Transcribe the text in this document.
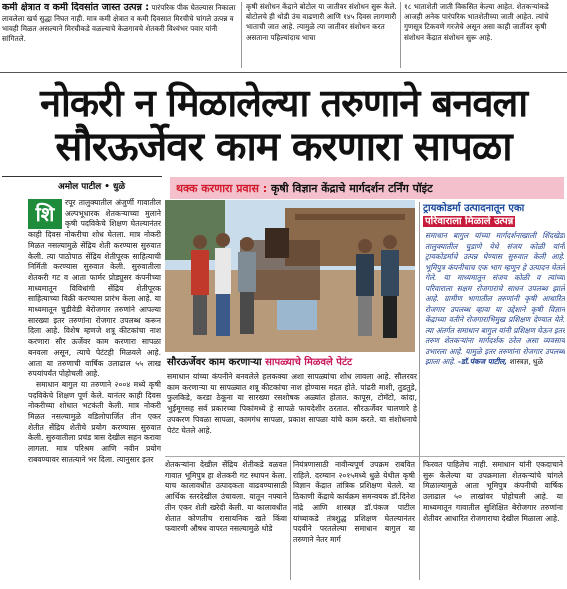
कमी क्षेत्रात व कमी दिवसांत जास्त उत्पन्न : पारंपरिक पीक घेतल्यास निकाला लावलेला खर्च सुद्धा निघत नाही. मात्र कमी क्षेत्रात व कमी दिवसात मिरचीचे चांगले उत्पन्न व भावही मिळत असल्याने मिरचीकडे वळल्याचे केळगावचे शेतकरी विश्वंभर पवार यांनी सांगितले.
कृषी संशोधन केंद्राने बोटोल या जातीवर संशोधन सुरू केले. बोटोलचे ही थोडी उंच वाढणारी आणि १४५ दिवस लागणारी भाताची जात आहे. त्यामुळे त्या जातीवर संशोधन करत असताना पहिल्यांदाच भाचा
१८ भाताशेती जाती विकसित केल्या आहेत. शेतकऱ्यांकडे आजही अनेक पारंपरिक भातशेतीच्या जाती आहेत. त्यांचे गुणसूत्र टिकवणे गरजेचे असून असा काही जातींवर कृषी संशोधन केंद्रात संशोधन सुरू आहे.
नोकरी न मिळालेल्या तरुणाने बनवला
सौरऊर्जेवर काम करणारा सापळा
अमोल पाटील • धुळे	थक्क करणारा प्रवास : कृषी विज्ञान केंद्राचे मार्गदर्शन टर्निंग पॉइंट
शि	रपूर तालुक्यातील अंजुर्णी गावातील अल्पभूधारक शेतकऱ्याच्या मुलाने कृषी पदविकेचे शिक्षण घेतल्यानंतर काही दिवस नोकरीचा शोध घेतला. मात्र नोकरी मिळत नसल्यामुळे सेंद्रिय शेती करण्यास सुरुवात केली. त्या पाठोपाठ सेंद्रिय शेतीपूरक साहित्याची निर्मिती करण्यास सुरुवात केली. सुरुवातीला शेतकरी गट व आता फार्मर प्रोड्युसर कंपनीच्या माध्यमातून विविधांगी सेंद्रिय शेतीपूरक साहित्याच्या विक्री करण्यास प्रारंभ केला आहे. या माध्यमातून चुडीवेडी बेरोजगार तरुणांने आपल्या सारख्या इतर तरुणांना रोजगार उपलब्ध करून दिला आहे. विशेष म्हणजे शत्रू कीटकांचा नाश करणारा सौर ऊर्जेवर काम करणारा सापळा बनवला असून, त्याचे पेटंटही मिळवले आहे. आता या तरुणाची वार्षिक उलाढाल ५५ लाख रुपयांपर्यंत पोहोचली आहे.

समाधान बागुल या तरुणाने २००४ मध्ये कृषी पदविकेचे शिक्षण पूर्ण केले. यानंतर काही दिवस नोकरीच्या शोधात भटकंती केली. मात्र नोकरी मिळत नसल्यामुळे वडिलोपार्जित तीन एकर शेतीत सेंद्रिय शेतीचे प्रयोग करण्यास सुरुवात केली. सुरुवातीला प्रचंड त्रास देखील सहन करावा लागला. मात्र परिश्रम आणि नवीन प्रयोग राबवण्यावर सातत्याने भर दिला. त्यानुसार इतर

सौरऊर्जेवर काम करणाऱ्या सापळ्याचे मिळवले पेटंट
समाधान यांच्या कंपनीने बनवलेले हलकक्या अशा सापळ्यांचा शोध लावला आहे. सौलरवर काम करणाऱ्या या सापळ्यात शत्रू कीटकांचा नाश होण्यास मदत होते. पांढरी माशी, तुडतुडे, फुलकिडे, करडा ठेकूना या सारख्या रसशोषक अळ्यांत होतात. कापूस, टोमॅटो, कांदा, भुईमूगसह सर्व प्रकारच्या पिकांमध्ये हे सापळे फायदेशीर ठरतात. सौरऊर्जेवर चालणारे हे उपकरण पिवळा सापळा, कामगंध सापळा, प्रकाश सापळा यांचे काम करते. या संशोधनाचे पेटंट घेतले आहे.
ट्रायकोडर्मा उत्पादनातून एका
परिवाराला मिळाले उत्पन्न
समाधान बागुल यांच्या मार्गदर्शनाखाली शिंदखेडा तालुक्यातील चुडाणे येथे संजय कोळी यांनी ट्रायकोडर्माचे उत्पन्न घेण्यास सुरुवात केली आहे. भूमिपुत्र कंपनीचाच एक भाग म्हणून हे उत्पादन घेतले गेले. या माध्यमातून संजय कोळी व त्यांच्या परिवाराला सक्षम रोजगाराचे साधन उपलब्ध झाले आहे. ग्रामीण भागातील तरुणांनी कृषी आधारित रोजगार उपलब्ध व्हावा या उद्देशाने कृषी विज्ञान केंद्राच्या वतीने रोजगाराभिमुख प्रशिक्षण देण्यात येते. त्या अंतर्गत समाधान बागुल यांनी प्रशिक्षण घेऊन इतर तरुण शेतकऱ्यांना मार्गदर्शक ठरेल असा व्यवसाय उभारला आहे. यामुळे इतर तरुणांना रोजगार उपलब्ध झाला आहे. -डॉ.पंकज पाटील, शास्त्रज्ञ, धुळे
शेतकऱ्यांना देखील सेंद्रिय शेतीकडे वळवत गावात भूमिपुत्र हा शेतकरी गट स्थापन केला. याच कालावधीत उत्पादकता वाढवण्यासाठी आर्थिक स्तरदेखील उंचावला. यातून नफ्याने तीन एकर शेती खरेदी केली. या कालावधीत शेतात कोणतीच रासायनिक खते किंवा फवारणी औषध वापरत नसल्यामुळे थोडे
नियंत्रणासाठी नावीन्यपूर्ण उपक्रम राबवित राहिले. दरम्यान २०१५मध्ये धुळे येथील कृषी विज्ञान केंद्रात तांत्रिक प्रशिक्षण घेतले. या ठिकाणी केंद्राचे कार्यक्रम समन्वयक डॉ.दिनेश नांद्रे आणि शास्त्रज्ञ डॉ.पंकज पाटील यांच्याकडे तंत्रशुद्ध प्रशिक्षण घेतल्यानंतर पदवीने परतलेल्या समाधान बागुल या तरुणाने नेतर मार्ग
फिरवत पाहिलेच नाही. समाधान यांनी एकदाचाने सुरू केलेल्या या उपक्रमाला शेतकऱ्यांचे चांगले मिळाल्यामुळे आता भूमिपुत्र कंपनीची वार्षिक उलाढाल ५० लाखांवर पोहोचली आहे. या माध्यमातून गावातील सुशिक्षित बेरोजगार तरुणांना शेतीवर आधारित रोजगाराचा देखील मिळाला आहे.
